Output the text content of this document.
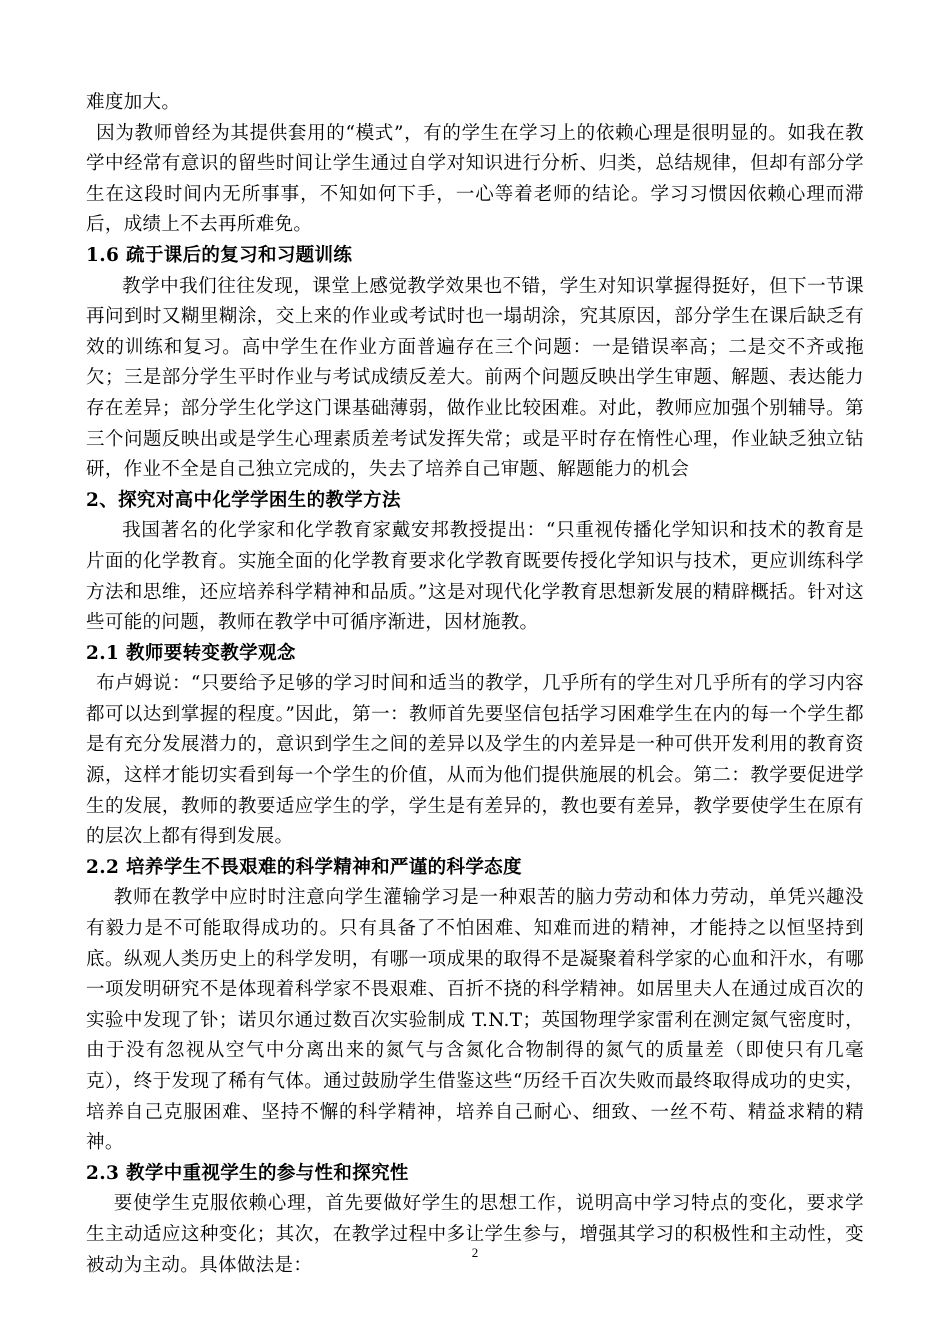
难度加大。

因为教师曾经为其提供套用的“模式”，有的学生在学习上的依赖心理是很明显的。如我在教学中经常有意识的留些时间让学生通过自学对知识进行分析、归类，总结规律，但却有部分学生在这段时间内无所事事，不知如何下手，一心等着老师的结论。学习习惯因依赖心理而滞后，成绩上不去再所难免。

1.6 疏于课后的复习和习题训练

教学中我们往往发现，课堂上感觉教学效果也不错，学生对知识掌握得挺好，但下一节课再问到时又糊里糊涂，交上来的作业或考试时也一塌胡涂，究其原因，部分学生在课后缺乏有效的训练和复习。高中学生在作业方面普遍存在三个问题：一是错误率高；二是交不齐或拖欠；三是部分学生平时作业与考试成绩反差大。前两个问题反映出学生审题、解题、表达能力存在差异；部分学生化学这门课基础薄弱，做作业比较困难。对此，教师应加强个别辅导。第三个问题反映出或是学生心理素质差考试发挥失常；或是平时存在惰性心理，作业缺乏独立钻研，作业不全是自己独立完成的，失去了培养自己审题、解题能力的机会

2、探究对高中化学学困生的教学方法

我国著名的化学家和化学教育家戴安邦教授提出：“只重视传播化学知识和技术的教育是片面的化学教育。实施全面的化学教育要求化学教育既要传授化学知识与技术，更应训练科学方法和思维，还应培养科学精神和品质。”这是对现代化学教育思想新发展的精辟概括。针对这些可能的问题，教师在教学中可循序渐进，因材施教。

2.1 教师要转变教学观念

布卢姆说：“只要给予足够的学习时间和适当的教学，几乎所有的学生对几乎所有的学习内容都可以达到掌握的程度。”因此，第一：教师首先要坚信包括学习困难学生在内的每一个学生都是有充分发展潜力的，意识到学生之间的差异以及学生的内差异是一种可供开发利用的教育资源，这样才能切实看到每一个学生的价值，从而为他们提供施展的机会。第二：教学要促进学生的发展，教师的教要适应学生的学，学生是有差异的，教也要有差异，教学要使学生在原有的层次上都有得到发展。

2.2 培养学生不畏艰难的科学精神和严谨的科学态度

教师在教学中应时时注意向学生灌输学习是一种艰苦的脑力劳动和体力劳动，单凭兴趣没有毅力是不可能取得成功的。只有具备了不怕困难、知难而进的精神，才能持之以恒坚持到底。纵观人类历史上的科学发明，有哪一项成果的取得不是凝聚着科学家的心血和汗水，有哪一项发明研究不是体现着科学家不畏艰难、百折不挠的科学精神。如居里夫人在通过成百次的实验中发现了钋；诺贝尔通过数百次实验制成 T.N.T；英国物理学家雷利在测定氮气密度时，由于没有忽视从空气中分离出来的氮气与含氮化合物制得的氮气的质量差（即使只有几毫克），终于发现了稀有气体。通过鼓励学生借鉴这些“历经千百次失败而最终取得成功的史实，培养自己克服困难、坚持不懈的科学精神，培养自己耐心、细致、一丝不苟、精益求精的精神。

2.3 教学中重视学生的参与性和探究性

要使学生克服依赖心理，首先要做好学生的思想工作，说明高中学习特点的变化，要求学生主动适应这种变化；其次，在教学过程中多让学生参与，增强其学习的积极性和主动性，变被动为主动。具体做法是：

2
